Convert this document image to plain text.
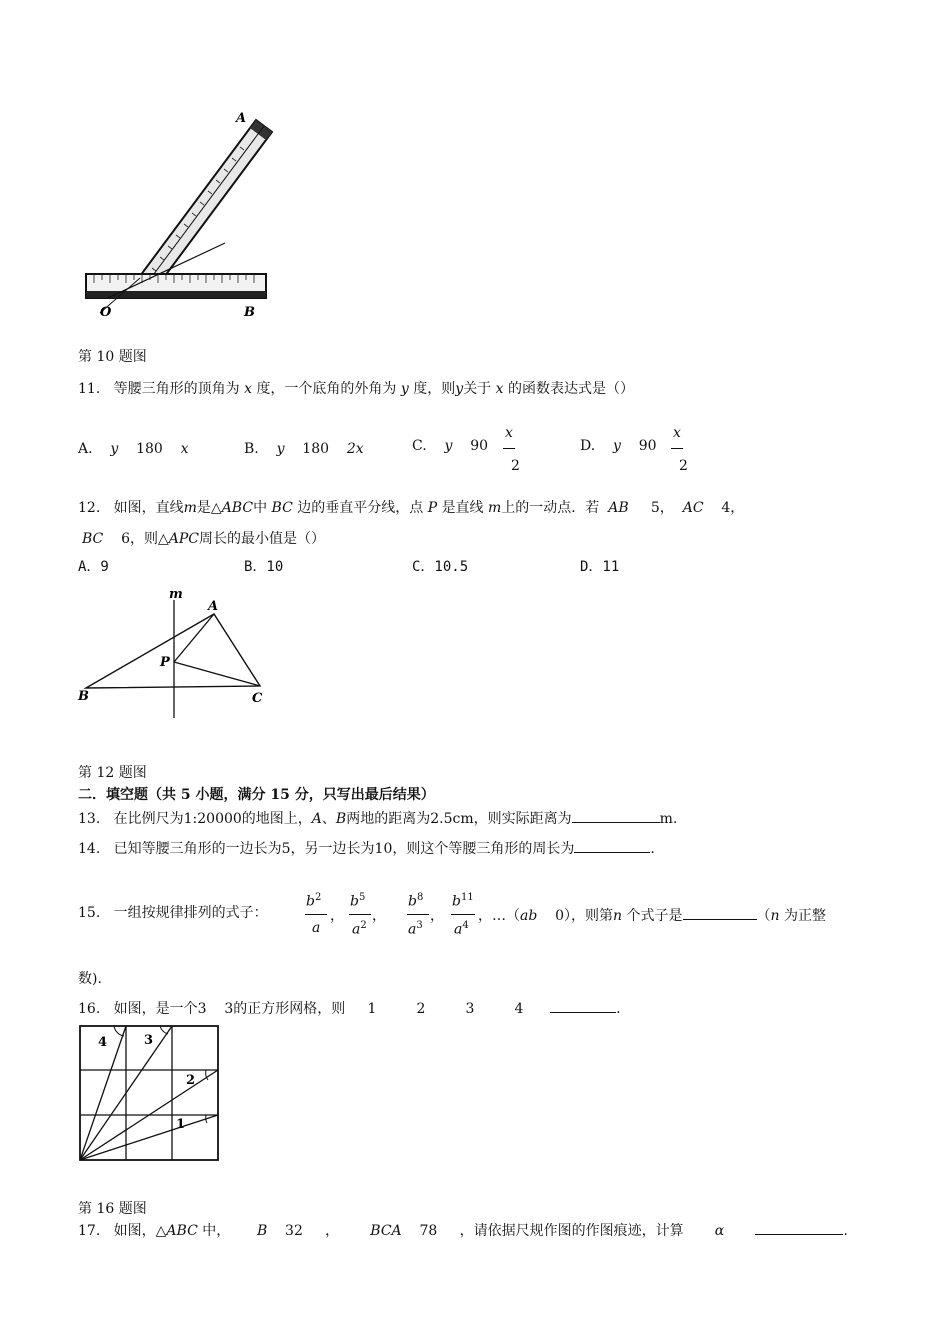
A
O	B
第 10 题图
11. 等腰三角形的顶角为 x 度，一个底角的外角为 y 度，则y关于 x 的函数表达式是（）
A. y 180 x	B. y 180 2x	C. y 90
x
2
D. y 90
x
2
12. 如图，直线m是△ABC中 BC 边的垂直平分线，点 P 是直线 m上的一动点．若 AB 5， AC 4，
BC 6，则△APC周长的最小值是（）
A．9	B．10	C．10.5	D．11
m
A
P
B	C
第 12 题图
二．填空题（共 5 小题，满分 15 分，只写出最后结果）
13. 在比例尺为1:20000的地图上，A、B两地的距离为2.5cm，则实际距离为	m.
14. 已知等腰三角形的一边长为5，另一边长为10，则这个等腰三角形的周长为	.
15. 一组按规律排列的式子：
$b^2$
a
，
$b^5$
$a^2$
，
$b^8$
$a^3$
，
$b^{11}$
$a^4$
，…（ab 0），则第n 个式子是	（n 为正整
数).
16. 如图，是一个3 3的正方形网格，则 1	2	3	4	.
4	3
2
1
第 16 题图
17. 如图，△ABC 中， B 32 ， BCA 78 ，请依据尺规作图的作图痕迹，计算 α	.
